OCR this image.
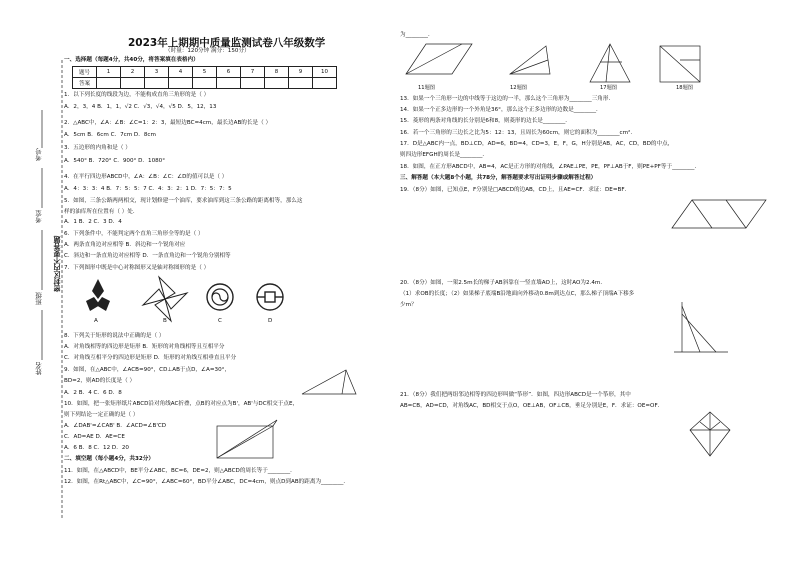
考号
考室
密封区内不要答题
班级
姓名
2023年上期期中质量监测试卷八年级数学
（时量：120分钟 满分：150分）
一、选择题（每题4分，共40分，将答案填在表格内）
题号	1	2	3	4	5	6	7	8	9	10
答案										
1．以下列长度的线段为边，不能构成直角三角形的是（ ）
A．2，3，4 B．1，1，√2 C．√3，√4，√5 D．5，12，13
2．△ABC中，∠A：∠B：∠C=1：2：3，最短边BC=4cm，最长边AB的长是（ ）
A．5cm B．6cm C．7cm D．8cm
3．五边形的内角和是（ ）
A．540° B．720° C．900° D．1080°
4．在平行四边形ABCD中，∠A：∠B：∠C：∠D的值可以是（ ）
A．4：3：3：4 B．7：5：5：7 C．4：3：2：1 D．7：5：7：5
5．如图，三条公路两两相交，现计划修建一个油库，要求油库到这三条公路的距离相等，那么这
样的油库所在位置有（ ）处．
A．1 B．2 C．3 D．4
6．下列条件中，不能判定两个直角三角形全等的是（ ）
A．两条直角边对应相等 B．斜边和一个锐角对应
C．斜边和一条直角边对应相等 D．一条直角边和一个锐角分别相等
7．下列图形中既是中心对称图形又是轴对称图形的是（ ）
A	B	C	D
8．下列关于矩形的说法中正确的是（ ）
A．对角线相等的四边形是矩形 B．矩形的对角线相等且互相平分
C．对角线互相平分的四边形是矩形 D．矩形的对角线互相垂直且平分
9．如图，在△ABC中，∠ACB=90°，CD⊥AB于点D，∠A=30°，
BD=2，则AD的长度是（ ）
A．2 B．4 C．6 D．8
10．如图，把一张矩形纸片ABCD沿对角线AC折叠，点B的对应点为B'，AB'与DC相交于点E，
则下列结论一定正确的是（ ）
A．∠DAB'=∠CAB' B．∠ACD=∠B'CD
C．AD=AE D．AE=CE
A．6 B．8 C．12 D．20
二、填空题（每小题4分，共32分）
11．如图，在△ABCD中，BE平分∠ABC，BC=6，DE=2，则△ABCD的周长等于________．
12．如图，在Rt△ABC中，∠C=90°，∠ABC=60°，BD平分∠ABC，DC=4cm，则点D到AB的距离为________．
为________．
11题图	12题图	17题图	18题图
13．如果一个三角形一边的中线等于这边的一半，那么这个三角形为________三角形．
14．如果一个正多边形的一个外角是36°，那么这个正多边形的边数是________．
15．菱形的两条对角线的长分别是6和8，则菱形的边长是________．
16．若一个三角形的三边长之比为5：12：13，且周长为60cm，则它的面积为________cm².
17．D是△ABC内一点，BD⊥CD，AD=6，BD=4，CD=3，E，F，G，H分别是AB，AC，CD，BD的中点，
则四边形EFGH的周长是________．
18．如图，在正方形ABCD中，AB=4，AC是正方形的对角线，∠PAE⊥PE，PE，PF⊥AB于F，则PE+PF等于________．
三、解答题（本大题8个小题，共78分，解答题要求写出证明步骤或解答过程）
19．（8分）如图，已知点E，F分别是□ABCD的边AB，CD上，且AE=CF．求证：DE=BF．
20．（8分）如图，一架2.5m长的梯子AB斜靠在一竖直墙AO上，这时AO为2.4m．
（1）求OB的长度；（2）如果梯子底端B沿地面向外移动0.8m到达点C，那么梯子顶端A下移多
少m？
21．（8分）我们把两组邻边相等的四边形叫做“筝形”．如图，四边形ABCD是一个筝形，其中
AB=CB，AD=CD，对角线AC，BD相交于点O，OE⊥AB，OF⊥CB，垂足分别是E，F．求证：OE=OF．
